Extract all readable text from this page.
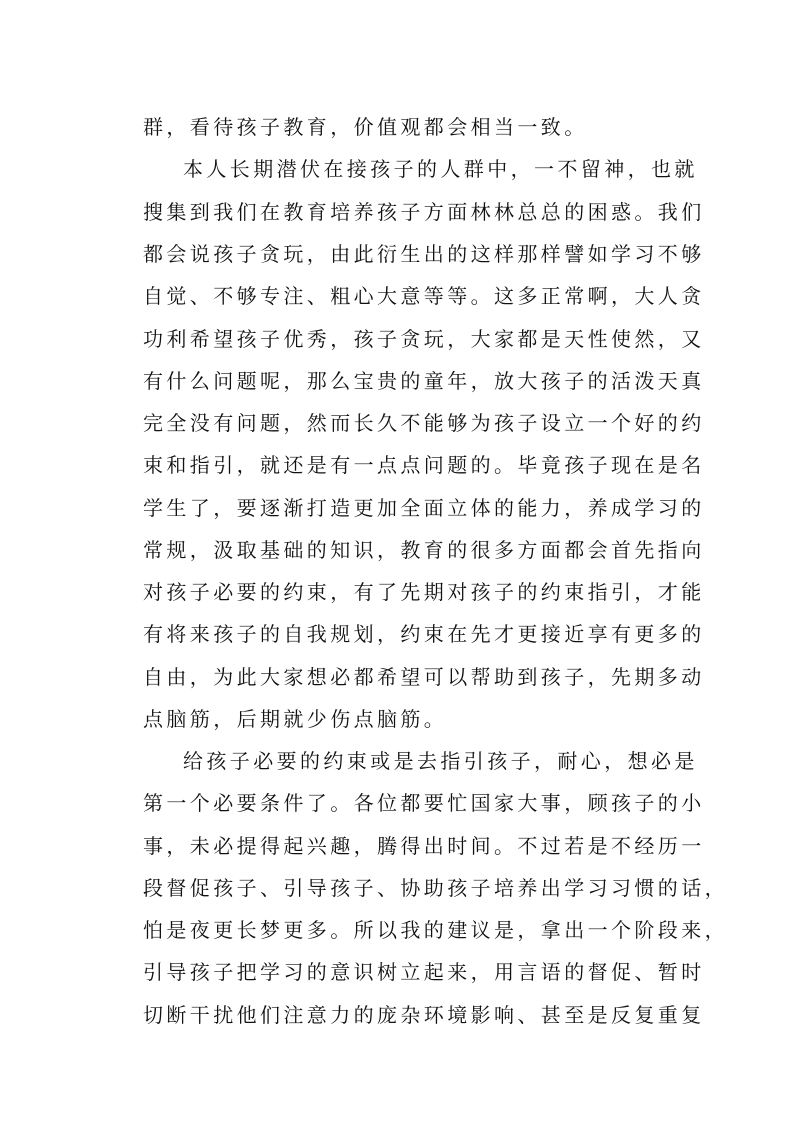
群，看待孩子教育，价值观都会相当一致。
本人长期潜伏在接孩子的人群中，一不留神，也就
搜集到我们在教育培养孩子方面林林总总的困惑。我们
都会说孩子贪玩，由此衍生出的这样那样譬如学习不够
自觉、不够专注、粗心大意等等。这多正常啊，大人贪
功利希望孩子优秀，孩子贪玩，大家都是天性使然，又
有什么问题呢，那么宝贵的童年，放大孩子的活泼天真
完全没有问题，然而长久不能够为孩子设立一个好的约
束和指引，就还是有一点点问题的。毕竟孩子现在是名
学生了，要逐渐打造更加全面立体的能力，养成学习的
常规，汲取基础的知识，教育的很多方面都会首先指向
对孩子必要的约束，有了先期对孩子的约束指引，才能
有将来孩子的自我规划，约束在先才更接近享有更多的
自由，为此大家想必都希望可以帮助到孩子，先期多动
点脑筋，后期就少伤点脑筋。
给孩子必要的约束或是去指引孩子，耐心，想必是
第一个必要条件了。各位都要忙国家大事，顾孩子的小
事，未必提得起兴趣，腾得出时间。不过若是不经历一
段督促孩子、引导孩子、协助孩子培养出学习习惯的话，
怕是夜更长梦更多。所以我的建议是，拿出一个阶段来，
引导孩子把学习的意识树立起来，用言语的督促、暂时
切断干扰他们注意力的庞杂环境影响、甚至是反复重复
